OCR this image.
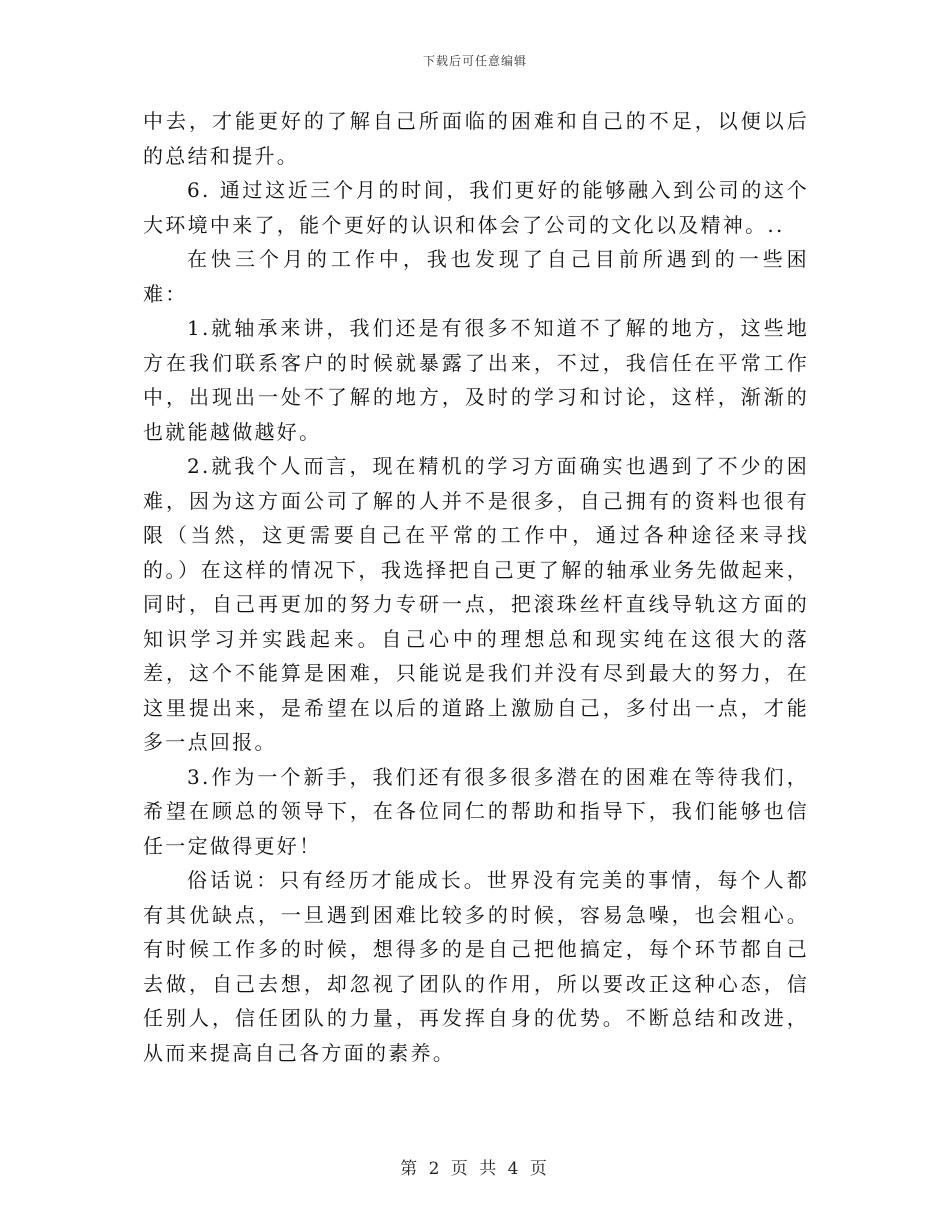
下载后可任意编辑

中去，才能更好的了解自己所面临的困难和自己的不足，以便以后的总结和提升。

6. 通过这近三个月的时间，我们更好的能够融入到公司的这个大环境中来了，能个更好的认识和体会了公司的文化以及精神。..

在快三个月的工作中，我也发现了自己目前所遇到的一些困难：

1.就轴承来讲，我们还是有很多不知道不了解的地方，这些地方在我们联系客户的时候就暴露了出来，不过，我信任在平常工作中，出现出一处不了解的地方，及时的学习和讨论，这样，渐渐的也就能越做越好。

2.就我个人而言，现在精机的学习方面确实也遇到了不少的困难，因为这方面公司了解的人并不是很多，自己拥有的资料也很有限（当然，这更需要自己在平常的工作中，通过各种途径来寻找的。）在这样的情况下，我选择把自己更了解的轴承业务先做起来，同时，自己再更加的努力专研一点，把滚珠丝杆直线导轨这方面的知识学习并实践起来。自己心中的理想总和现实纯在这很大的落差，这个不能算是困难，只能说是我们并没有尽到最大的努力，在这里提出来，是希望在以后的道路上激励自己，多付出一点，才能多一点回报。

3.作为一个新手，我们还有很多很多潜在的困难在等待我们，希望在顾总的领导下，在各位同仁的帮助和指导下，我们能够也信任一定做得更好！

俗话说：只有经历才能成长。世界没有完美的事情，每个人都有其优缺点，一旦遇到困难比较多的时候，容易急噪，也会粗心。有时候工作多的时候，想得多的是自己把他搞定，每个环节都自己去做，自己去想，却忽视了团队的作用，所以要改正这种心态，信任别人，信任团队的力量，再发挥自身的优势。不断总结和改进，从而来提高自己各方面的素养。

第 2 页 共 4 页
